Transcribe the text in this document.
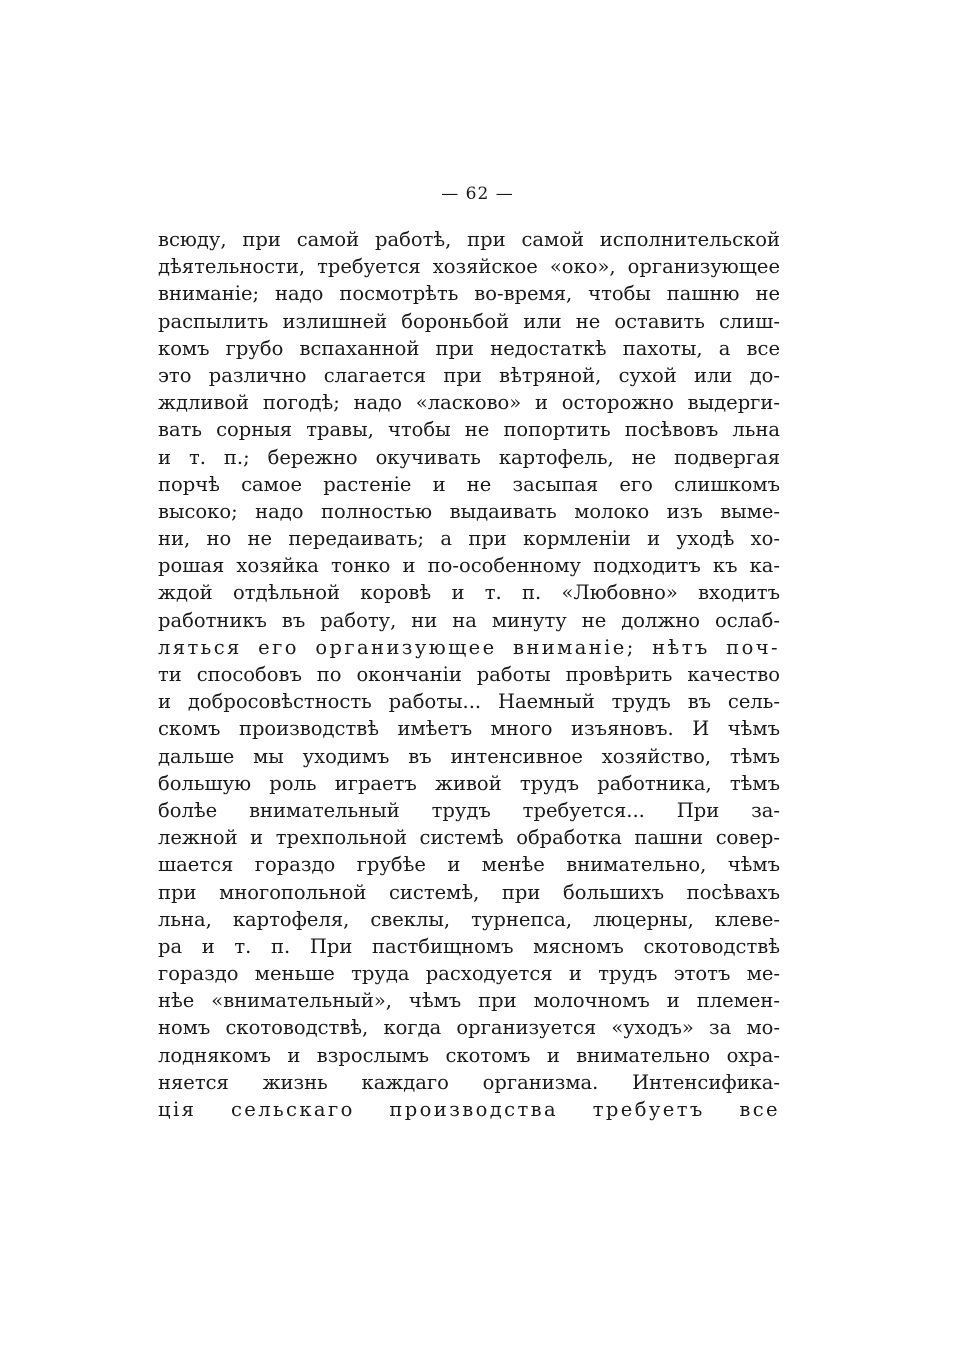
— 62 —
всюду, при самой работѣ, при самой исполнительской
дѣятельности, требуется хозяйское «око», организующее
вниманіе; надо посмотрѣть во-время, чтобы пашню не
распылить излишней бороньбой или не оставить слиш-
комъ грубо вспаханной при недостаткѣ пахоты, а все
это различно слагается при вѣтряной, сухой или до-
ждливой погодѣ; надо «ласково» и осторожно выдерги-
вать сорныя травы, чтобы не попортить посѣвовъ льна
и т. п.; бережно окучивать картофель, не подвергая
порчѣ самое растеніе и не засыпая его слишкомъ
высоко; надо полностью выдаивать молоко изъ выме-
ни, но не передаивать; а при кормленіи и уходѣ хо-
рошая хозяйка тонко и по-особенному подходитъ къ ка-
ждой отдѣльной коровѣ и т. п. «Любовно» входитъ
работникъ въ работу, ни на минуту не должно ослаб-
ляться его организующее вниманіе; нѣтъ поч-
ти способовъ по окончаніи работы провѣрить качество
и добросовѣстность работы... Наемный трудъ въ сель-
скомъ производствѣ имѣетъ много изъяновъ. И чѣмъ
дальше мы уходимъ въ интенсивное хозяйство, тѣмъ
большую роль играетъ живой трудъ работника, тѣмъ
болѣе внимательный трудъ требуется... При за-
лежной и трехпольной системѣ обработка пашни совер-
шается гораздо грубѣе и менѣе внимательно, чѣмъ
при многопольной системѣ, при большихъ посѣвахъ
льна, картофеля, свеклы, турнепса, люцерны, клеве-
ра и т. п. При пастбищномъ мясномъ скотоводствѣ
гораздо меньше труда расходуется и трудъ этотъ ме-
нѣе «внимательный», чѣмъ при молочномъ и племен-
номъ скотоводствѣ, когда организуется «уходъ» за мо-
лоднякомъ и взрослымъ скотомъ и внимательно охра-
няется жизнь каждаго организма. Интенсифика-
ція сельскаго производства требуетъ все
